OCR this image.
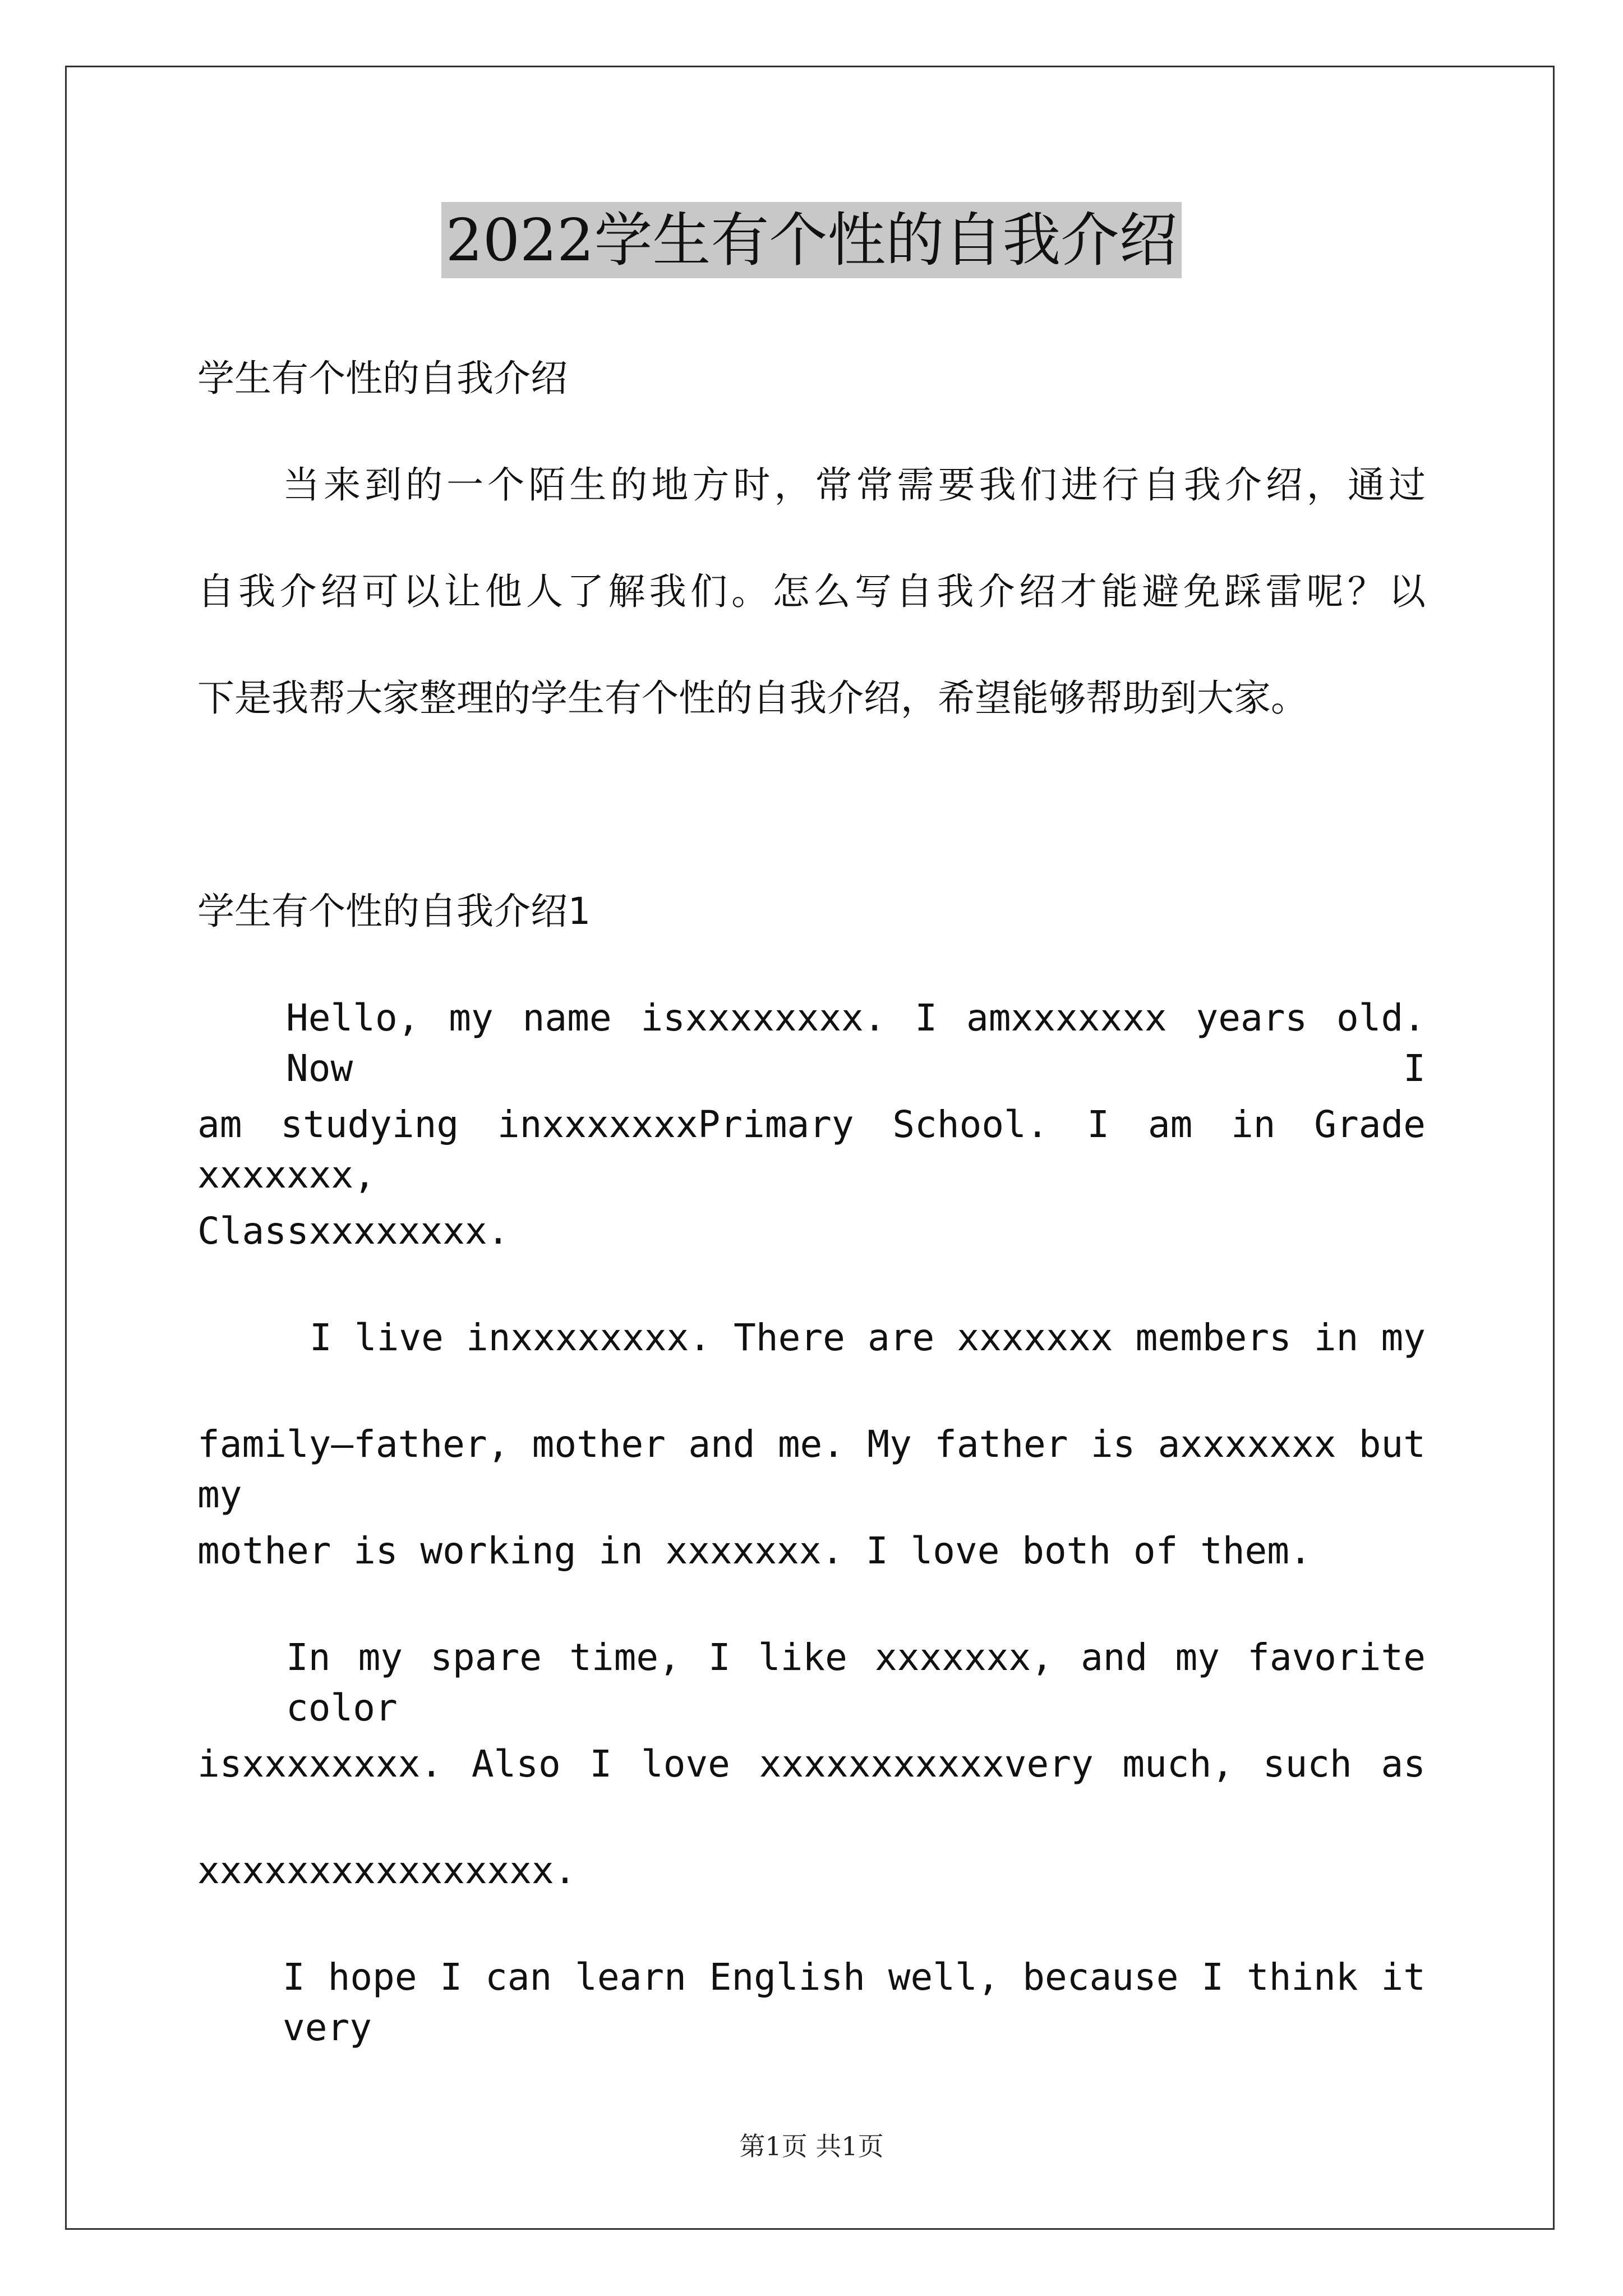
2022学生有个性的自我介绍
学生有个性的自我介绍
当来到的一个陌生的地方时，常常需要我们进行自我介绍，通过
自我介绍可以让他人了解我们。怎么写自我介绍才能避免踩雷呢？以
下是我帮大家整理的学生有个性的自我介绍，希望能够帮助到大家。
学生有个性的自我介绍1
Hello, my name isxxxxxxxx. I amxxxxxxx years old. Now I
am studying inxxxxxxxPrimary School. I am in Grade xxxxxxx,
Classxxxxxxxx.
I live inxxxxxxxx. There are xxxxxxx members in my
family—father, mother and me. My father is axxxxxxx but my
mother is working in xxxxxxx. I love both of them.
In my spare time, I like xxxxxxx, and my favorite color
isxxxxxxxx. Also I love xxxxxxxxxxxvery much, such as
xxxxxxxxxxxxxxxx.
I hope I can learn English well, because I think it very
第1页 共1页
